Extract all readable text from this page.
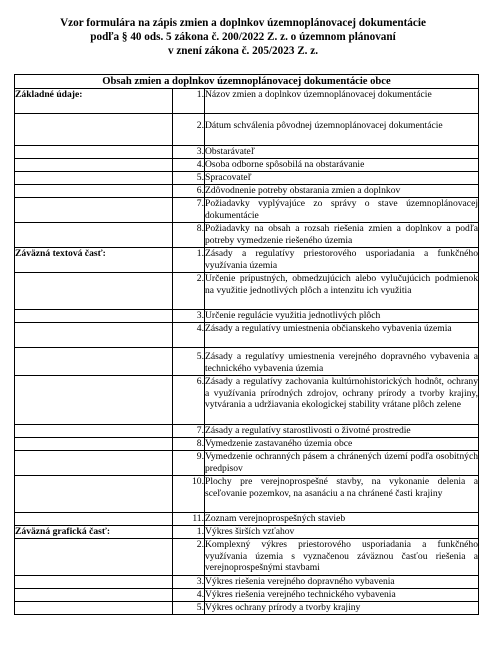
Vzor formulára na zápis zmien a doplnkov územnoplánovacej dokumentácie
podľa § 40 ods. 5 zákona č. 200/2022 Z. z. o územnom plánovaní
v znení zákona č. 205/2023 Z. z.
Obsah zmien a doplnkov územnoplánovacej dokumentácie obce		
Základné údaje:	1.	Názov zmien a doplnkov územnoplánovacej dokumentácie
	2.	Dátum schválenia pôvodnej územnoplánovacej dokumentácie
	3.	Obstarávateľ
	4.	Osoba odborne spôsobilá na obstarávanie
	5.	Spracovateľ
	6.	Zdôvodnenie potreby obstarania zmien a doplnkov
	7.	Požiadavky vyplývajúce zo správy o stave územnoplánovacej dokumentácie
	8.	Požiadavky na obsah a rozsah riešenia zmien a doplnkov a podľa potreby vymedzenie riešeného územia
Záväzná textová časť:	1.	Zásady a regulatívy priestorového usporiadania a funkčného využívania územia
	2.	Určenie prípustných, obmedzujúcich alebo vylučujúcich podmienok na využitie jednotlivých plôch a intenzitu ich využitia
	3.	Určenie regulácie využitia jednotlivých plôch
	4.	Zásady a regulatívy umiestnenia občianskeho vybavenia územia
	5.	Zásady a regulatívy umiestnenia verejného dopravného vybavenia a technického vybavenia územia
	6.	Zásady a regulatívy zachovania kultúrnohistorických hodnôt, ochrany a využívania prírodných zdrojov, ochrany prírody a tvorby krajiny, vytvárania a udržiavania ekologickej stability vrátane plôch zelene
	7.	Zásady a regulatívy starostlivosti o životné prostredie
	8.	Vymedzenie zastavaného územia obce
	9.	Vymedzenie ochranných pásem a chránených území podľa osobitných predpisov
	10.	Plochy pre verejnoprospešné stavby, na vykonanie delenia a sceľovanie pozemkov, na asanáciu a na chránené časti krajiny
	11.	Zoznam verejnoprospešných stavieb
Záväzná grafická časť:	1.	Výkres širších vzťahov
	2.	Komplexný výkres priestorového usporiadania a funkčného využívania územia s vyznačenou záväznou časťou riešenia a verejnoprospešnými stavbami
	3.	Výkres riešenia verejného dopravného vybavenia
	4.	Výkres riešenia verejného technického vybavenia
	5.	Výkres ochrany prírody a tvorby krajiny
